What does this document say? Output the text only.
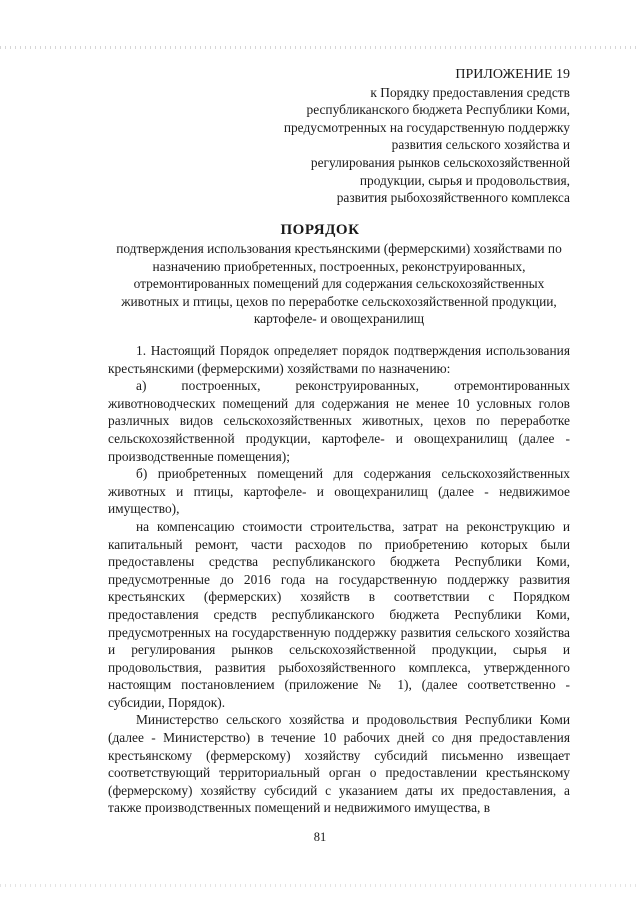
ПРИЛОЖЕНИЕ 19
к Порядку предоставления средств
республиканского бюджета Республики Коми,
предусмотренных на государственную поддержку
развития сельского хозяйства и
регулирования рынков сельскохозяйственной
продукции, сырья и продовольствия,
развития рыбохозяйственного комплекса
ПОРЯДОК
подтверждения использования крестьянскими (фермерскими) хозяйствами по назначению приобретенных, построенных, реконструированных, отремонтированных помещений для содержания сельскохозяйственных животных и птицы, цехов по переработке сельскохозяйственной продукции, картофеле- и овощехранилищ

1. Настоящий Порядок определяет порядок подтверждения использования крестьянскими (фермерскими) хозяйствами по назначению:

а) построенных, реконструированных, отремонтированных животноводческих помещений для содержания не менее 10 условных голов различных видов сельскохозяйственных животных, цехов по переработке сельскохозяйственной продукции, картофеле- и овощехранилищ (далее - производственные помещения);

б) приобретенных помещений для содержания сельскохозяйственных животных и птицы, картофеле- и овощехранилищ (далее - недвижимое имущество),

на компенсацию стоимости строительства, затрат на реконструкцию и капитальный ремонт, части расходов по приобретению которых были предоставлены средства республиканского бюджета Республики Коми, предусмотренные до 2016 года на государственную поддержку развития крестьянских (фермерских) хозяйств в соответствии с Порядком предоставления средств республиканского бюджета Республики Коми, предусмотренных на государственную поддержку развития сельского хозяйства и регулирования рынков сельскохозяйственной продукции, сырья и продовольствия, развития рыбохозяйственного комплекса, утвержденного настоящим постановлением (приложение № 1), (далее соответственно - субсидии, Порядок).

Министерство сельского хозяйства и продовольствия Республики Коми (далее - Министерство) в течение 10 рабочих дней со дня предоставления крестьянскому (фермерскому) хозяйству субсидий письменно извещает соответствующий территориальный орган о предоставлении крестьянскому (фермерскому) хозяйству субсидий с указанием даты их предоставления, а также производственных помещений и недвижимого имущества, в

81
